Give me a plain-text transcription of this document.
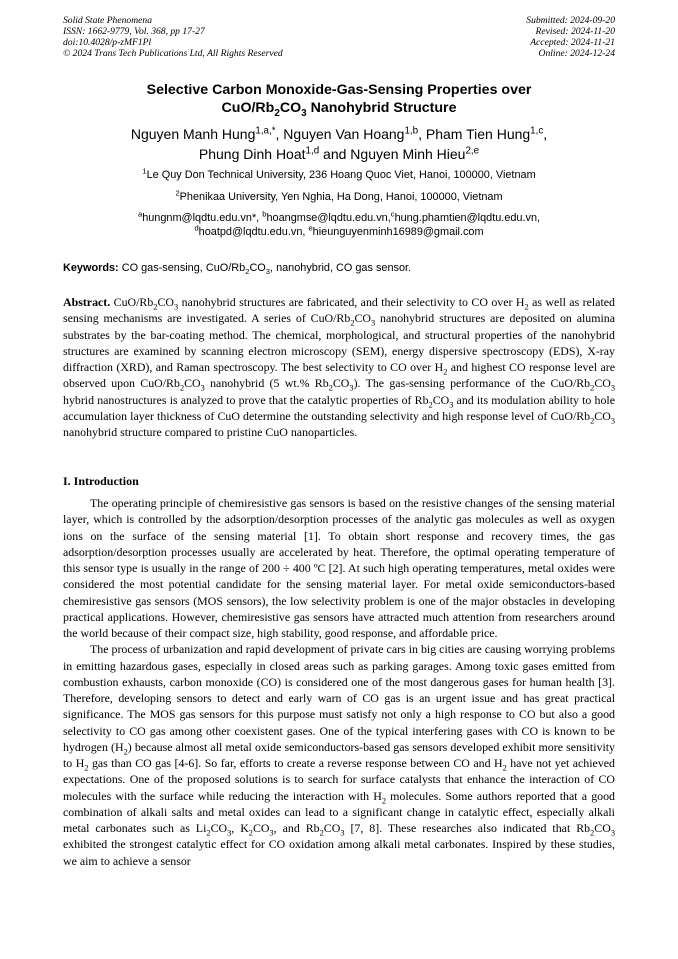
Solid State Phenomena
ISSN: 1662-9779, Vol. 368, pp 17-27
doi:10.4028/p-zMF1Pl
© 2024 Trans Tech Publications Ltd, All Rights Reserved
Submitted: 2024-09-20
Revised: 2024-11-20
Accepted: 2024-11-21
Online: 2024-12-24
Selective Carbon Monoxide-Gas-Sensing Properties over
CuO/$Rb_2CO_3$ Nanohybrid Structure
Nguyen Manh Hung$^{1,a,*}$, Nguyen Van Hoang$^{1,b}$, Pham Tien Hung$^{1,c}$,
Phung Dinh Hoat$^{1,d}$ and Nguyen Minh Hieu$^{2,e}$
$^1$Le Quy Don Technical University, 236 Hoang Quoc Viet, Hanoi, 100000, Vietnam
$^2$Phenikaa University, Yen Nghia, Ha Dong, Hanoi, 100000, Vietnam
$^a$hungnm@lqdtu.edu.vn*, $^b$hoangmse@lqdtu.edu.vn,$^c$hung.phamtien@lqdtu.edu.vn,
$^d$hoatpd@lqdtu.edu.vn, $^e$hieunguyenminh16989@gmail.com
Keywords: CO gas-sensing, CuO/$Rb_2CO_3$, nanohybrid, CO gas sensor.
Abstract. CuO/$Rb_2CO_3$ nanohybrid structures are fabricated, and their selectivity to CO over $H_2$ as well as related sensing mechanisms are investigated. A series of CuO/$Rb_2CO_3$ nanohybrid structures are deposited on alumina substrates by the bar-coating method. The chemical, morphological, and structural properties of the nanohybrid structures are examined by scanning electron microscopy (SEM), energy dispersive spectroscopy (EDS), X-ray diffraction (XRD), and Raman spectroscopy. The best selectivity to CO over $H_2$ and highest CO response level are observed upon CuO/$Rb_2CO_3$ nanohybrid (5 wt.% $Rb_2CO_3$). The gas-sensing performance of the CuO/$Rb_2CO_3$ hybrid nanostructures is analyzed to prove that the catalytic properties of $Rb_2CO_3$ and its modulation ability to hole accumulation layer thickness of CuO determine the outstanding selectivity and high response level of CuO/$Rb_2CO_3$ nanohybrid structure compared to pristine CuO nanoparticles.
I. Introduction

The operating principle of chemiresistive gas sensors is based on the resistive changes of the sensing material layer, which is controlled by the adsorption/desorption processes of the analytic gas molecules as well as oxygen ions on the surface of the sensing material [1]. To obtain short response and recovery times, the gas adsorption/desorption processes usually are accelerated by heat. Therefore, the optimal operating temperature of this sensor type is usually in the range of 200 ÷ 400 ºC [2]. At such high operating temperatures, metal oxides were considered the most potential candidate for the sensing material layer. For metal oxide semiconductors-based chemiresistive gas sensors (MOS sensors), the low selectivity problem is one of the major obstacles in developing practical applications. However, chemiresistive gas sensors have attracted much attention from researchers around the world because of their compact size, high stability, good response, and affordable price.

The process of urbanization and rapid development of private cars in big cities are causing worrying problems in emitting hazardous gases, especially in closed areas such as parking garages. Among toxic gases emitted from combustion exhausts, carbon monoxide (CO) is considered one of the most dangerous gases for human health [3]. Therefore, developing sensors to detect and early warn of CO gas is an urgent issue and has great practical significance. The MOS gas sensors for this purpose must satisfy not only a high response to CO but also a good selectivity to CO gas among other coexistent gases. One of the typical interfering gases with CO is known to be hydrogen $(H_2)$ because almost all metal oxide semiconductors-based gas sensors developed exhibit more sensitivity to $H_2$ gas than CO gas [4-6]. So far, efforts to create a reverse response between CO and $H_2$ have not yet achieved expectations. One of the proposed solutions is to search for surface catalysts that enhance the interaction of CO molecules with the surface while reducing the interaction with $H_2$ molecules. Some authors reported that a good combination of alkali salts and metal oxides can lead to a significant change in catalytic effect, especially alkali metal carbonates such as $Li_2CO_3$, $K_2CO_3$, and $Rb_2CO_3$ [7, 8]. These researches also indicated that $Rb_2CO_3$ exhibited the strongest catalytic effect for CO oxidation among alkali metal carbonates. Inspired by these studies, we aim to achieve a sensor
